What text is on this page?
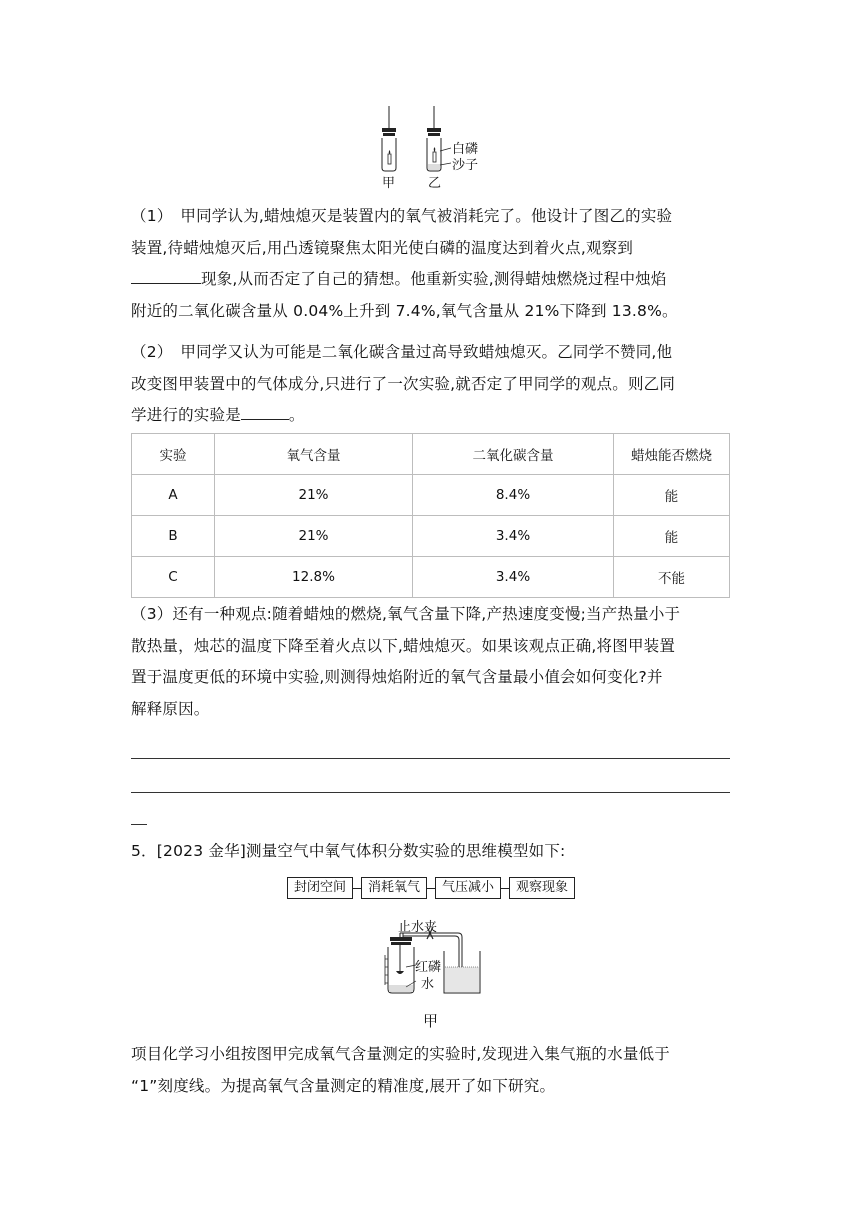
甲	乙
白磷
沙子
（1）　甲同学认为,蜡烛熄灭是装置内的氧气被消耗完了。他设计了图乙的实验
装置,待蜡烛熄灭后,用凸透镜聚焦太阳光使白磷的温度达到着火点,观察到
现象,从而否定了自己的猜想。他重新实验,测得蜡烛燃烧过程中烛焰
附近的二氧化碳含量从 0.04%上升到 7.4%,氧气含量从 21%下降到 13.8%。
（2）　甲同学又认为可能是二氧化碳含量过高导致蜡烛熄灭。乙同学不赞同,他
改变图甲装置中的气体成分,只进行了一次实验,就否定了甲同学的观点。则乙同
学进行的实验是	。
实验	氧气含量	二氧化碳含量	蜡烛能否燃烧
A	21%	8.4%	能
B	21%	3.4%	能
C	12.8%	3.4%	不能
（3）还有一种观点:随着蜡烛的燃烧,氧气含量下降,产热速度变慢;当产热量小于
散热量，烛芯的温度下降至着火点以下,蜡烛熄灭。如果该观点正确,将图甲装置
置于温度更低的环境中实验,则测得烛焰附近的氧气含量最小值会如何变化?并
解释原因。
5．[2023 金华]测量空气中氧气体积分数实验的思维模型如下:
封闭空间	消耗氧气	气压减小	观察现象
止水夹
红磷
水
甲
项目化学习小组按图甲完成氧气含量测定的实验时,发现进入集气瓶的水量低于
“1”刻度线。为提高氧气含量测定的精准度,展开了如下研究。
